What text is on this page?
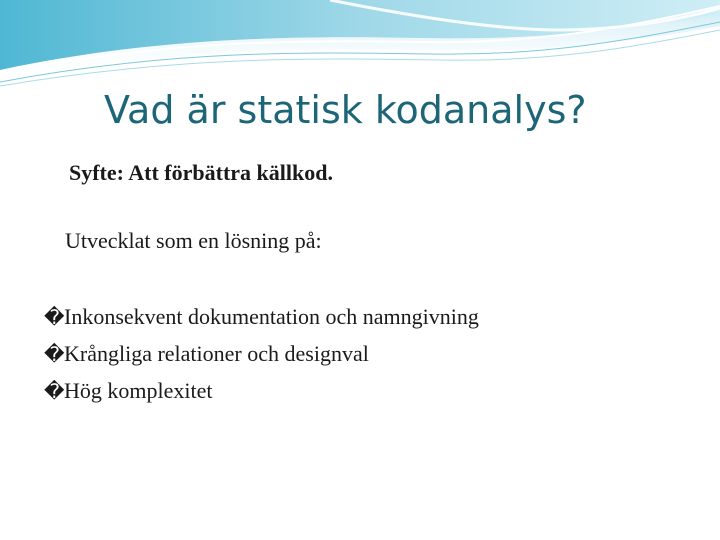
Vad är statisk kodanalys?
Syfte: Att förbättra källkod.
Utvecklat som en lösning på:
�Inkonsekvent dokumentation och namngivning
�Krångliga relationer och designval
�Hög komplexitet
